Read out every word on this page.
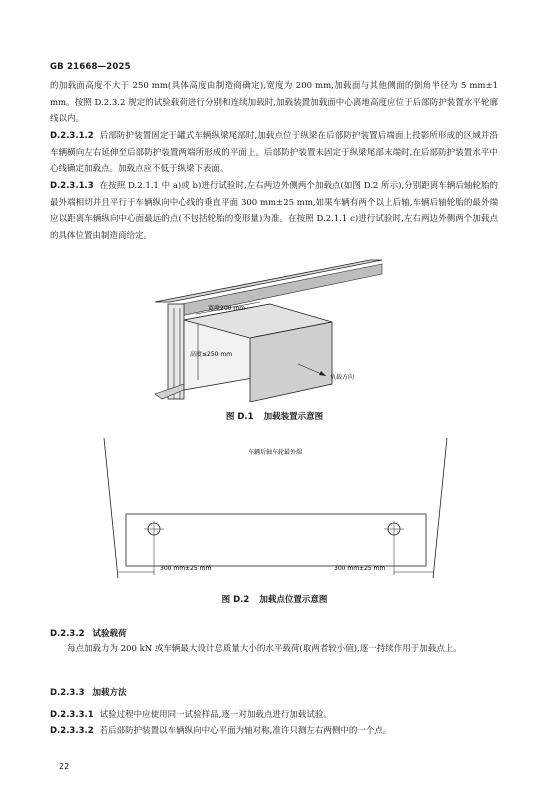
GB 21668—2025
的加载面高度不大于 250 mm(具体高度由制造商确定),宽度为 200 mm,加载面与其他侧面的倒角半径为 5 mm±1 mm。按照 D.2.3.2 规定的试验载荷进行分别和连续加载时,加载装置加载面中心离地高度应位于后部防护装置水平轮廓线以内。
D.2.3.1.2 后部防护装置固定于罐式车辆纵梁尾部时,加载点位于纵梁在后部防护装置后端面上投影所形成的区域并沿车辆横向左右延伸至后部防护装置两端所形成的平面上。后部防护装置未固定于纵梁尾部末端时,在后部防护装置水平中心线确定加载点。加载点应不低于纵梁下表面。
D.2.3.1.3 在按照 D.2.1.1 中 a)或 b)进行试验时,左右两边外侧两个加载点(如图 D.2 所示),分别距离车辆后轴轮胎的最外端相切并且平行于车辆纵向中心线的垂直平面 300 mm±25 mm,如果车辆有两个以上后轴,车辆后轴轮胎的最外端应以距离车辆纵向中心面最远的点(不包括轮胎的变形量)为准。在按照 D.2.1.1 c)进行试验时,左右两边外侧两个加载点的具体位置由制造商给定。
宽度200 mm
高度≤250 mm
负载方向
图 D.1 加载装置示意图
车辆后轴车轮最外端
300 mm±25 mm	300 mm±25 mm
图 D.2 加载点位置示意图
D.2.3.2 试验载荷
每点加载力为 200 kN 或车辆最大设计总质量大小的水平载荷(取两者较小值),逐一持续作用于加载点上。
D.2.3.3 加载方法
D.2.3.3.1 试验过程中应使用同一试验样品,逐一对加载点进行加载试验。
D.2.3.3.2 若后部防护装置以车辆纵向中心平面为轴对称,准许只测左右两侧中的一个点。
22
